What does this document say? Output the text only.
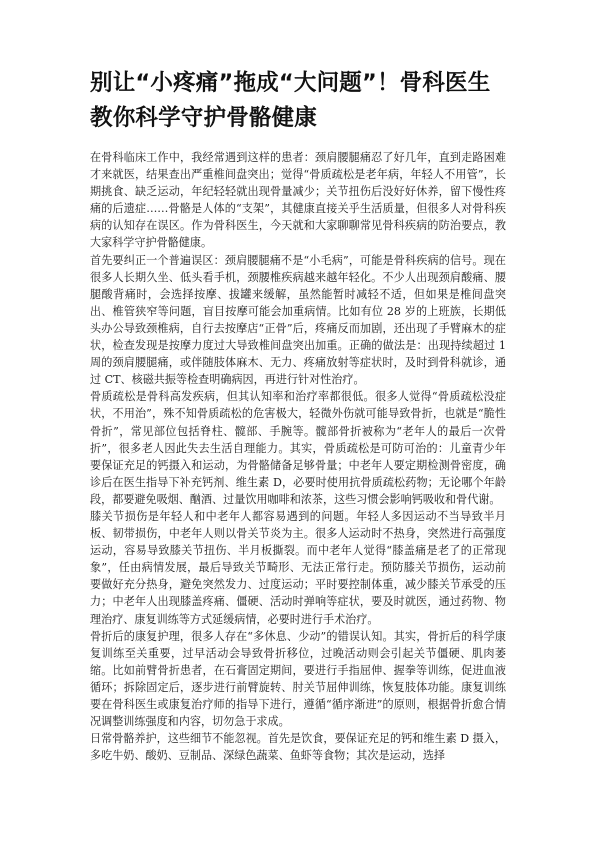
别让“小疼痛”拖成“大问题”！骨科医生教你科学守护骨骼健康

在骨科临床工作中，我经常遇到这样的患者：颈肩腰腿痛忍了好几年，直到走路困难才来就医，结果查出严重椎间盘突出；觉得“骨质疏松是老年病，年轻人不用管”，长期挑食、缺乏运动，年纪轻轻就出现骨量减少；关节扭伤后没好好休养，留下慢性疼痛的后遗症……骨骼是人体的“支架”，其健康直接关乎生活质量，但很多人对骨科疾病的认知存在误区。作为骨科医生，今天就和大家聊聊常见骨科疾病的防治要点，教大家科学守护骨骼健康。

首先要纠正一个普遍误区：颈肩腰腿痛不是“小毛病”，可能是骨科疾病的信号。现在很多人长期久坐、低头看手机，颈腰椎疾病越来越年轻化。不少人出现颈肩酸痛、腰腿酸背痛时，会选择按摩、拔罐来缓解，虽然能暂时减轻不适，但如果是椎间盘突出、椎管狭窄等问题，盲目按摩可能会加重病情。比如有位 28 岁的上班族，长期低头办公导致颈椎病，自行去按摩店“正骨”后，疼痛反而加剧，还出现了手臂麻木的症状，检查发现是按摩力度过大导致椎间盘突出加重。正确的做法是：出现持续超过 1 周的颈肩腰腿痛，或伴随肢体麻木、无力、疼痛放射等症状时，及时到骨科就诊，通过 CT、核磁共振等检查明确病因，再进行针对性治疗。

骨质疏松是骨科高发疾病，但其认知率和治疗率都很低。很多人觉得“骨质疏松没症状，不用治”，殊不知骨质疏松的危害极大，轻微外伤就可能导致骨折，也就是“脆性骨折”，常见部位包括脊柱、髋部、手腕等。髋部骨折被称为“老年人的最后一次骨折”，很多老人因此失去生活自理能力。其实，骨质疏松是可防可治的：儿童青少年要保证充足的钙摄入和运动，为骨骼储备足够骨量；中老年人要定期检测骨密度，确诊后在医生指导下补充钙剂、维生素 D，必要时使用抗骨质疏松药物；无论哪个年龄段，都要避免吸烟、酗酒、过量饮用咖啡和浓茶，这些习惯会影响钙吸收和骨代谢。

膝关节损伤是年轻人和中老年人都容易遇到的问题。年轻人多因运动不当导致半月板、韧带损伤，中老年人则以骨关节炎为主。很多人运动时不热身，突然进行高强度运动，容易导致膝关节扭伤、半月板撕裂。而中老年人觉得“膝盖痛是老了的正常现象”，任由病情发展，最后导致关节畸形、无法正常行走。预防膝关节损伤，运动前要做好充分热身，避免突然发力、过度运动；平时要控制体重，减少膝关节承受的压力；中老年人出现膝盖疼痛、僵硬、活动时弹响等症状，要及时就医，通过药物、物理治疗、康复训练等方式延缓病情，必要时进行手术治疗。

骨折后的康复护理，很多人存在“多休息、少动”的错误认知。其实，骨折后的科学康复训练至关重要，过早活动会导致骨折移位，过晚活动则会引起关节僵硬、肌肉萎缩。比如前臂骨折患者，在石膏固定期间，要进行手指屈伸、握拳等训练，促进血液循环；拆除固定后，逐步进行前臂旋转、肘关节屈伸训练，恢复肢体功能。康复训练要在骨科医生或康复治疗师的指导下进行，遵循“循序渐进”的原则，根据骨折愈合情况调整训练强度和内容，切勿急于求成。

日常骨骼养护，这些细节不能忽视。首先是饮食，要保证充足的钙和维生素 D 摄入，多吃牛奶、酸奶、豆制品、深绿色蔬菜、鱼虾等食物；其次是运动，选择
